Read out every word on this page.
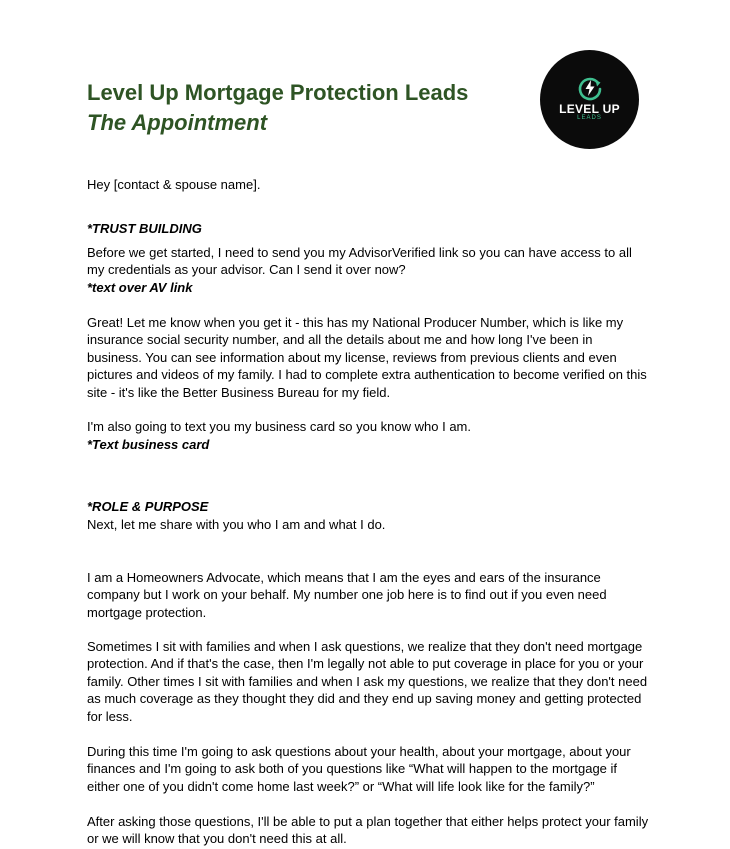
Level Up Mortgage Protection Leads
The Appointment
LEVEL UP
LEADS

Hey [contact & spouse name].

*TRUST BUILDING

Before we get started, I need to send you my AdvisorVerified link so you can have access to all my credentials as your advisor. Can I send it over now?

*text over AV link

Great! Let me know when you get it - this has my National Producer Number, which is like my insurance social security number, and all the details about me and how long I've been in business. You can see information about my license, reviews from previous clients and even pictures and videos of my family. I had to complete extra authentication to become verified on this site - it's like the Better Business Bureau for my field.

I'm also going to text you my business card so you know who I am.

*Text business card

*ROLE & PURPOSE

Next, let me share with you who I am and what I do.

I am a Homeowners Advocate, which means that I am the eyes and ears of the insurance company but I work on your behalf. My number one job here is to find out if you even need mortgage protection.

Sometimes I sit with families and when I ask questions, we realize that they don't need mortgage protection. And if that's the case, then I'm legally not able to put coverage in place for you or your family. Other times I sit with families and when I ask my questions, we realize that they don't need as much coverage as they thought they did and they end up saving money and getting protected for less.

During this time I'm going to ask questions about your health, about your mortgage, about your finances and I'm going to ask both of you questions like “What will happen to the mortgage if either one of you didn't come home last week?” or “What will life look like for the family?”

After asking those questions, I'll be able to put a plan together that either helps protect your family or we will know that you don't need this at all.
